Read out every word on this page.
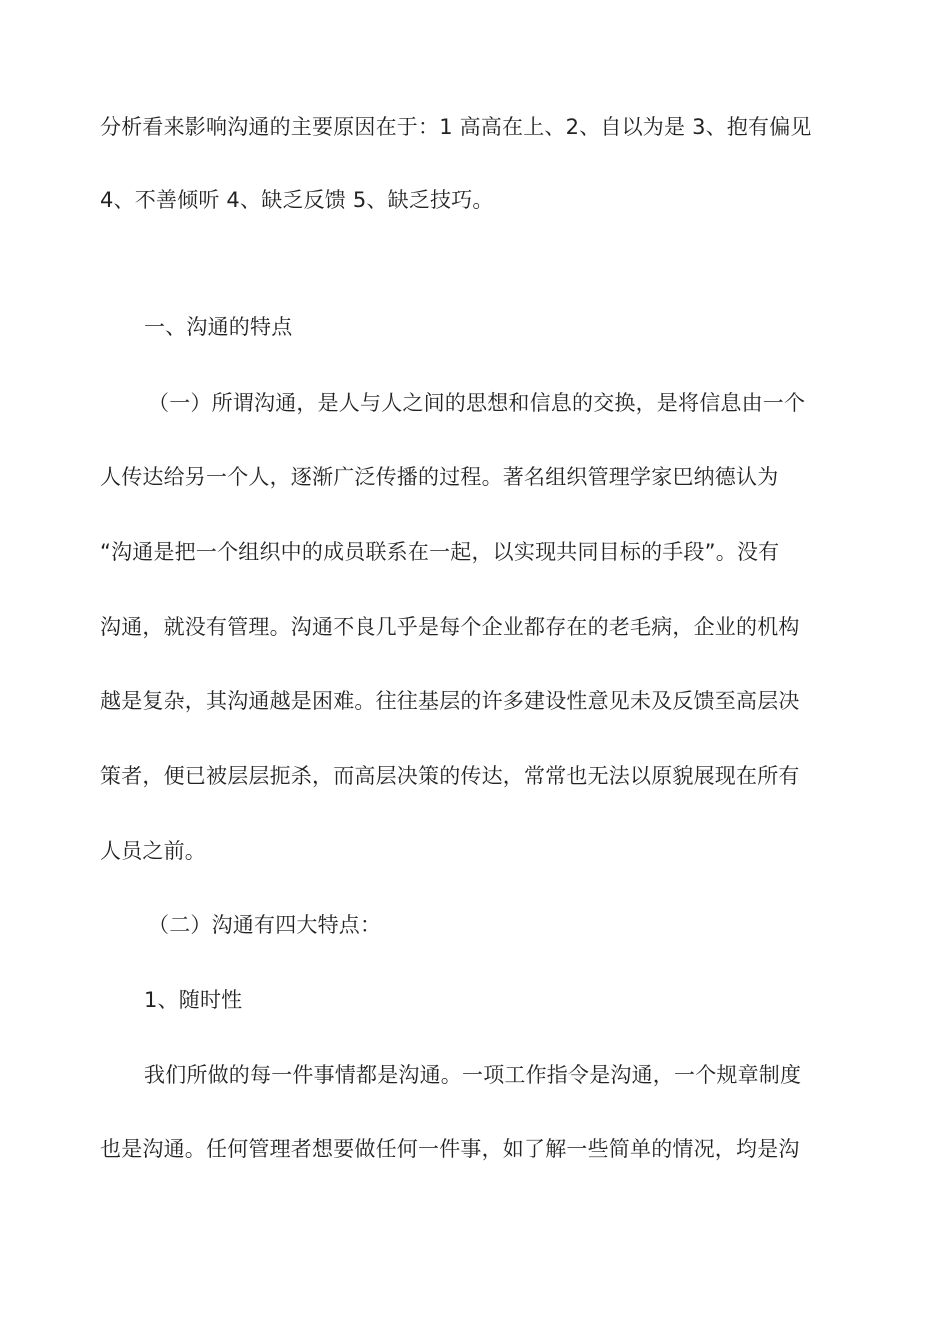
分析看来影响沟通的主要原因在于：1 高高在上、2、自以为是 3、抱有偏见
4、不善倾听 4、缺乏反馈 5、缺乏技巧。
一、沟通的特点
（一）所谓沟通，是人与人之间的思想和信息的交换，是将信息由一个
人传达给另一个人，逐渐广泛传播的过程。著名组织管理学家巴纳德认为
“沟通是把一个组织中的成员联系在一起，以实现共同目标的手段”。没有
沟通，就没有管理。沟通不良几乎是每个企业都存在的老毛病，企业的机构
越是复杂，其沟通越是困难。往往基层的许多建设性意见未及反馈至高层决
策者，便已被层层扼杀，而高层决策的传达，常常也无法以原貌展现在所有
人员之前。
（二）沟通有四大特点：
1、随时性
我们所做的每一件事情都是沟通。一项工作指令是沟通，一个规章制度
也是沟通。任何管理者想要做任何一件事，如了解一些简单的情况，均是沟
